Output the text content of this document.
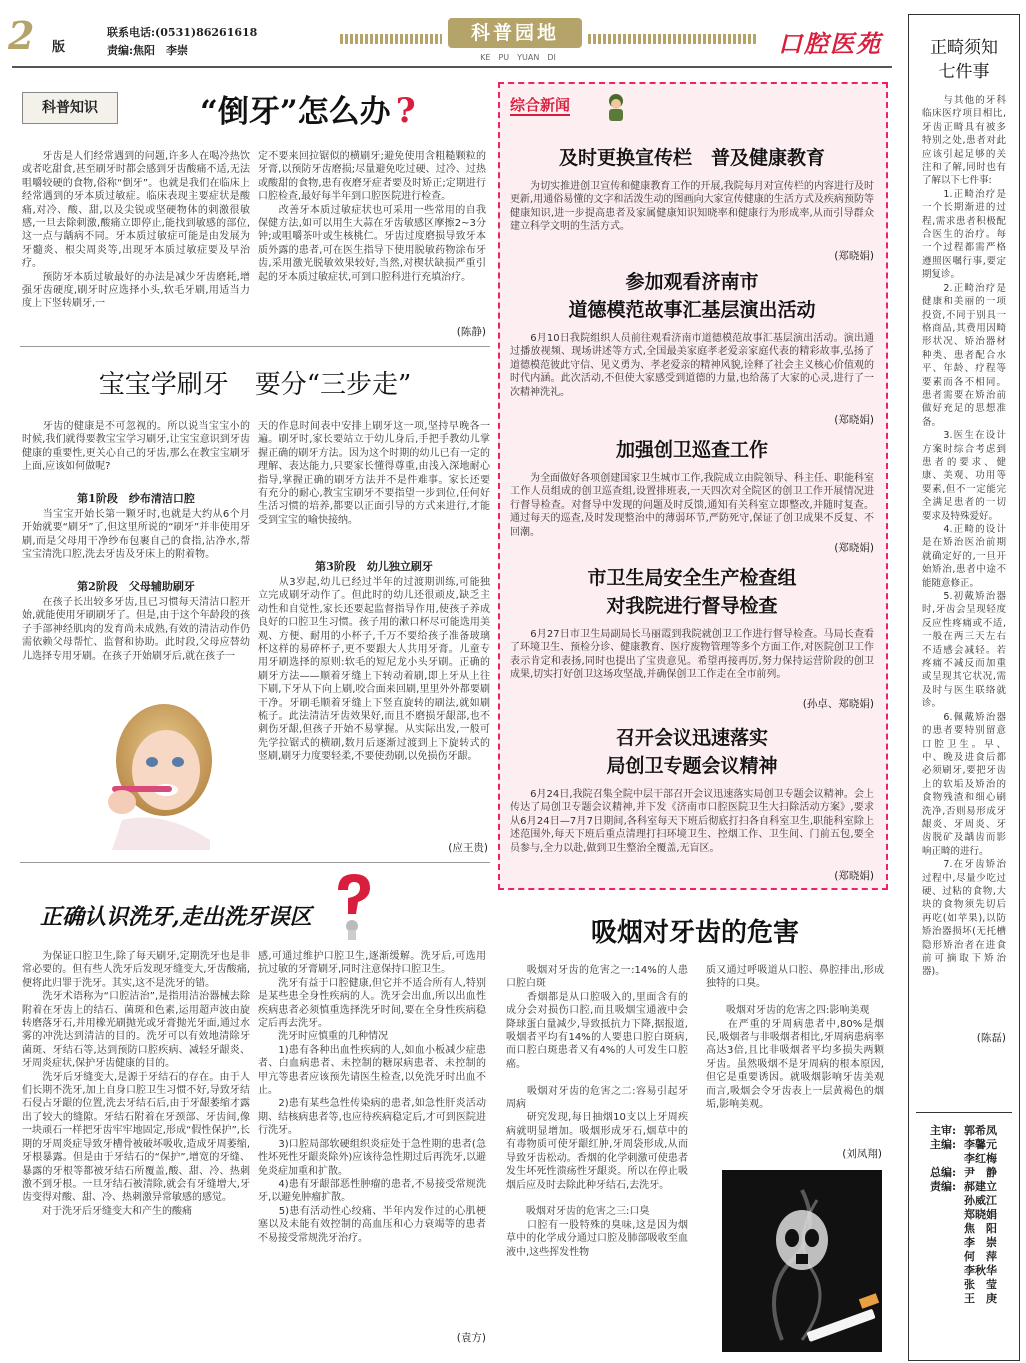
2	版
联系电话:(0531)86261618
责编:焦阳　李崇
科普园地
KE　PU　YUAN　DI	口腔医苑
科普知识	“倒牙”怎么办 ?
　　牙齿是人们经常遇到的问题,许多人在喝冷热饮或者吃甜食,甚至刷牙时都会感到牙齿酸痛不适,无法咀嚼较硬的食物,俗称“倒牙”。也就是我们在临床上经常遇到的牙本质过敏症。临床表现主要症状是酸痛,对冷、酸、甜,以及尖锐或坚硬物体的刺激很敏感,一旦去除刺激,酸痛立即停止,能找到敏感的部位,这一点与龋病不同。牙本质过敏症可能是由发展为牙髓炎、根尖周炎等,出现牙本质过敏症要及早治疗。
　　预防牙本质过敏最好的办法是减少牙齿磨耗,增强牙齿硬度,刷牙时应选择小头,软毛牙刷,用适当力度上下竖转刷牙,一
定不要来回拉锯似的横刷牙;避免使用含粗糙颗粒的牙膏,以预防牙齿磨损;尽量避免吃过硬、过冷、过热或酸甜的食物,患有夜磨牙症者要及时矫正;定期进行口腔检查,最好每半年到口腔医院进行检查。
　　改善牙本质过敏症状也可采用一些常用的自我保健方法,如可以用生大蒜在牙齿敏感区摩擦2~3分钟;或咀嚼茶叶或生核桃仁。牙齿过度磨损导致牙本质外露的患者,可在医生指导下使用脱敏药物涂布牙齿,采用激光脱敏效果较好,当然,对楔状缺损严重引起的牙本质过敏症状,可到口腔科进行充填治疗。
(陈静)
宝宝学刷牙　要分“三步走”
　　牙齿的健康是不可忽视的。所以说当宝宝小的时候,我们就得要教宝宝学习刷牙,让宝宝意识到牙齿健康的重要性,更关心自己的牙齿,那么在教宝宝刷牙上面,应该如何做呢?
第1阶段　纱布清洁口腔
　　当宝宝开始长第一颗牙时,也就是大约从6个月开始就要“刷牙”了,但这里所说的“刷牙”并非使用牙刷,而是父母用干净纱布包裹自己的食指,沾净水,帮宝宝清洗口腔,洗去牙齿及牙床上的附着物。
第2阶段　父母辅助刷牙
　　在孩子长出较多牙齿,且已习惯每天清洁口腔开始,就能使用牙刷刷牙了。但是,由于这个年龄段的孩子手部神经肌肉的发育尚未成熟,有效的清洁动作仍需依赖父母帮忙、监督和协助。此时段,父母应替幼儿选择专用牙刷。在孩子开始刷牙后,就在孩子一
天的作息时间表中安排上刷牙这一项,坚持早晚各一遍。刷牙时,家长要站立于幼儿身后,手把手教幼儿掌握正确的刷牙方法。因为这个时期的幼儿已有一定的理解、表达能力,只要家长懂得尊重,由浅入深地耐心指导,掌握正确的刷牙方法并不是件难事。家长还要有充分的耐心,教宝宝刷牙不要指望一步到位,任何好生活习惯的培养,都要以正面引导的方式来进行,才能受到宝宝的喻快接纳。
第3阶段　幼儿独立刷牙
　　从3岁起,幼儿已经过半年的过渡期训练,可能独立完成刷牙动作了。但此时的幼儿还很顽皮,缺乏主动性和自觉性,家长还要起监督指导作用,使孩子养成良好的口腔卫生习惯。孩子用的漱口杯尽可能选用美观、方便、耐用的小杯子,千万不要给孩子准备玻璃杯这样的易碎杯子,更不要跟大人共用牙膏。儿童专用牙刷选择的原则:软毛的短尼龙小头牙刷。正确的刷牙方法——顺着牙缝上下转动着刷,即上牙从上往下刷,下牙从下向上刷,咬合面来回刷,里里外外都要刷干净。牙刷毛顺着牙缝上下竖直旋转的刷法,就如刷梳子。此法清洁牙齿效果好,而且不磨损牙龈部,也不刺伤牙龈,但孩子开始不易掌握。从实际出发,一般可先学拉锯式的横刷,数月后逐渐过渡到上下旋转式的竖刷,刷牙力度要轻柔,不要使劲刷,以免损伤牙龈。
(应王贵)
正确认识洗牙,走出洗牙误区
　　为保证口腔卫生,除了每天刷牙,定期洗牙也是非常必要的。但有些人洗牙后发现牙缝变大,牙齿酸痛,便将此归罪于洗牙。其实,这不是洗牙的错。
　　洗牙术语称为“口腔洁治”,是指用洁治器械去除附着在牙齿上的结石、菌斑和色素,运用超声波由旋转磨落牙石,并用橡光刷抛光或牙膏抛光牙面,通过水雾的冲洗达到清洁的目的。洗牙可以有效地清除牙菌斑、牙结石等,达到预防口腔疾病、减轻牙龈炎、牙周炎症状,保护牙齿健康的目的。
　　洗牙后牙缝变大,是源于牙结石的存在。由于人们长期不洗牙,加上自身口腔卫生习惯不好,导致牙结石侵占牙龈的位置,洗去牙结石后,由于牙龈萎缩才露出了较大的缝隙。牙结石附着在牙颈部、牙齿间,像一块顽石一样把牙齿牢牢地固定,形成“假性保护”,长期的牙周炎症导致牙槽骨被破坏吸收,造成牙周萎缩,牙根暴露。但是由于牙结石的“保护”,增宽的牙缝、暴露的牙根等都被牙结石所覆盖,酸、甜、冷、热刺激不到牙根。一旦牙结石被清除,就会有牙缝增大,牙齿变得对酸、甜、冷、热刺激异常敏感的感觉。
　　对于洗牙后牙缝变大和产生的酸痛
感,可通过维护口腔卫生,逐渐缓解。洗牙后,可选用抗过敏的牙膏刷牙,同时注意保持口腔卫生。
　　洗牙有益于口腔健康,但它并不适合所有人,特别是某些患全身性疾病的人。洗牙会出血,所以出血性疾病患者必须慎重选择洗牙时间,要在全身性疾病稳定后再去洗牙。
　　洗牙时应慎重的几种情况
　　1)患有各种出血性疾病的人,如血小板减少症患者、白血病患者、未控制的糖尿病患者、未控制的甲亢等患者应该预先请医生检查,以免洗牙时出血不止。
　　2)患有某些急性传染病的患者,如急性肝炎活动期、结核病患者等,也应待疾病稳定后,才可到医院进行洗牙。
　　3)口腔局部软硬组织炎症处于急性期的患者(急性坏死性牙龈炎除外)应该待急性期过后再洗牙,以避免炎症加重和扩散。
　　4)患有牙龈部恶性肿瘤的患者,不易接受常规洗牙,以避免肿瘤扩散。
　　5)患有活动性心绞痛、半年内发作过的心肌梗塞以及未能有效控制的高血压和心力衰竭等的患者不易接受常规洗牙治疗。
(袁方)
综合新闻
及时更换宣传栏　普及健康教育
　　为切实推进创卫宣传和健康教育工作的开展,我院每月对宣传栏的内容进行及时更新,用通俗易懂的文字和活泼生动的图画向大家宣传健康的生活方式及疾病预防等健康知识,进一步提高患者及家属健康知识知晓率和健康行为形成率,从而引导群众建立科学文明的生活方式。
(郑晓娟)
参加观看济南市
道德模范故事汇基层演出活动
　　6月10日我院组织人员前往观看济南市道德模范故事汇基层演出活动。演出通过播放视频、现场讲述等方式,全国最美家庭孝老爱亲家庭代表的精彩故事,弘扬了道德模范彼此守信、见义勇为、孝老爱亲的精神风貌,诠释了社会主义核心价值观的时代内涵。此次活动,不但使大家感受到道德的力量,也给荡了大家的心灵,进行了一次精神洗礼。
(郑晓娟)
加强创卫巡查工作
　　为全面做好各项创建国家卫生城市工作,我院成立由院领导、科主任、职能科室工作人员组成的创卫巡查组,设置排班表,一天四次对全院区的创卫工作开展情况进行督导检查。对督导中发现的问题及时反馈,通知有关科室立即整改,并随时复查。通过每天的巡查,及时发现整治中的薄弱环节,严防死守,保证了创卫成果不反复、不回潮。
(郑晓娟)
市卫生局安全生产检查组
对我院进行督导检查
　　6月27日市卫生局副局长马丽霞到我院就创卫工作进行督导检查。马局长查看了环境卫生、预检分诊、健康教育、医疗废物管理等多个方面工作,对医院创卫工作表示肯定和表扬,同时也提出了宝贵意见。希望再接再厉,努力保持运营阶段的创卫成果,切实打好创卫这场攻坚战,并确保创卫工作走在全市前列。
(孙卓、郑晓娟)
召开会议迅速落实
局创卫专题会议精神
　　6月24日,我院召集全院中层干部召开会议迅速落实局创卫专题会议精神。会上传达了局创卫专题会议精神,并下发《济南市口腔医院卫生大扫除活动方案》,要求从6月24日—7月7日期间,各科室每天下班后彻底打扫各自科室卫生,职能科室除上述范围外,每天下班后重点清理打扫环境卫生、控烟工作、卫生间、门前五包,要全员参与,全力以赴,做到卫生整治全覆盖,无盲区。
(郑晓娟)
吸烟对牙齿的危害
　　吸烟对牙齿的危害之一:14%的人患口腔白斑
　　香烟都是从口腔吸入的,里面含有的成分会对损伤口腔,而且吸烟宝通液中会降球蛋白量减少,导致抵抗力下降,据报道,吸烟者平均有14%的人要患口腔白斑病,而口腔白斑患者又有4%的人可发生口腔癌。

　　吸烟对牙齿的危害之二:容易引起牙周病
　　研究发现,每日抽烟10支以上牙周疾病就明显增加。吸烟形成牙石,烟草中的有毒物质可使牙龈红肿,牙周袋形成,从而导致牙齿松动。香烟的化学刺激可使患者发生坏死性溃疡性牙龈炎。所以在停止吸烟后应及时去除此种牙结石,去洗牙。

　　吸烟对牙齿的危害之三:口臭
　　口腔有一股特殊的臭味,这是因为烟草中的化学成分通过口腔及肺部吸收至血液中,这些挥发性物
质又通过呼吸道从口腔、鼻腔排出,形成独特的口臭。

　　吸烟对牙齿的危害之四:影响美观
　　在严重的牙周病患者中,80%是烟民,吸烟者与非吸烟者相比,牙周病患病率高达3倍,且比非吸烟者平均多损失两颗牙齿。虽然吸烟不是牙周病的根本原因,但它是重要诱因。就吸烟影响牙齿美观而言,吸烟会令牙齿表上一层黄褐色的烟垢,影响美观。
(刘凤翔)
正畸须知七件事
　　与其他的牙科临床医疗项目相比,牙齿正畸具有被多特别之处,患者对此应该引起足够的关注和了解,同时也有了解以下七件事:
　　1.正畸治疗是一个长期渐进的过程,需求患者积极配合医生的治疗。每一个过程都需严格遵照医嘱行事,要定期复诊。
　　2.正畸治疗是健康和美丽的一项投资,不同于别具一格商品,其费用因畸形状况、矫治器材种类、患者配合水平、年龄、疗程等要素而各不相同。患者需要在矫治前做好充足的思想准备。
　　3.医生在设计方案时综合考虑到患者的要求、健康、美观、功用等要素,但不一定能完全满足患者的一切要求及特殊爱好。
　　4.正畸的设计是在矫治医治前期就确定好的,一旦开始矫治,患者中途不能随意修正。
　　5.初戴矫治器时,牙齿会呈现轻度反应性疼痛或不适,一般在两三天左右不适感会减轻。若疼痛不减反而加重或呈现其它状况,需及时与医生联络就诊。
　　6.佩戴矫治器的患者要特别留意口腔卫生。早、中、晚及进食后都必须刷牙,要把牙齿上的软垢及矫治的食物残渣和细心刷洗净,否则易形成牙龈炎、牙周炎、牙齿脱矿及龋齿而影响正畸的进行。
　　7.在牙齿矫治过程中,尽量少吃过硬、过粘的食物,大块的食物须先切后再吃(如苹果),以防矫治器损坏(无托槽隐形矫治者在进食前可摘取下矫治器)。
(陈磊)
主审: 郭希凤
主编: 李馨元
李红梅
总编: 尹　静
责编: 郝建立
孙威江
郑晓娟
焦　阳
李　崇
何　萍
李秋华
张　莹
王　庚
